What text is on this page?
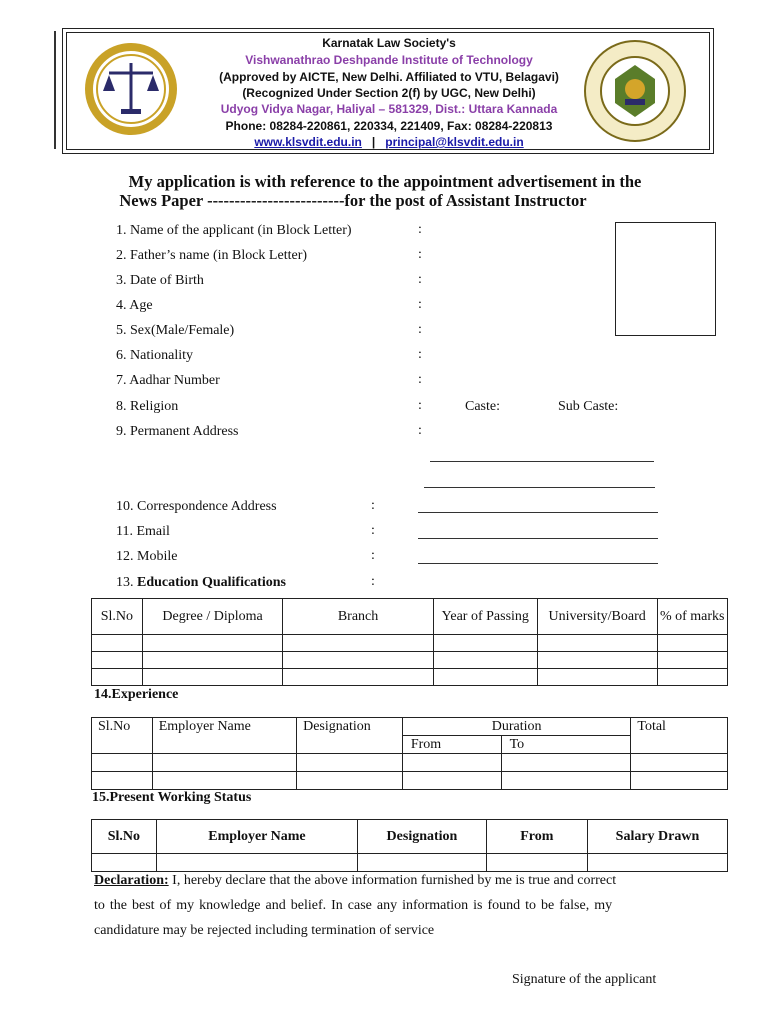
Karnatak Law Society's
Vishwanathrao Deshpande Institute of Technology
(Approved by AICTE, New Delhi. Affiliated to VTU, Belagavi)
(Recognized Under Section 2(f) by UGC, New Delhi)
Udyog Vidya Nagar, Haliyal – 581329, Dist.: Uttara Kannada
Phone: 08284-220861, 220334, 221409, Fax: 08284-220813
www.klsvdit.edu.in | principal@klsvdit.edu.in
My application is with reference to the appointment advertisement in the
News Paper -------------------------for the post of Assistant Instructor
1. Name of the applicant (in Block Letter)	:
2. Father’s name (in Block Letter)	:
3. Date of Birth	:
4. Age	:
5. Sex(Male/Female)	:
6. Nationality	:
7. Aadhar Number	:
8. Religion	:	Caste:	Sub Caste:
9. Permanent Address	:
10. Correspondence Address	:
11. Email	:
12. Mobile	:
13. Education Qualifications	:
Sl.No	Degree / Diploma	Branch	Year of Passing	University/Board	% of marks

14.Experience
Sl.No	Employer Name	Designation	Duration		Total
			From	To	

15.Present Working Status
Sl.No	Employer Name	Designation	From	Salary Drawn

Declaration: I, hereby declare that the above information furnished by me is true and correct
to the best of my knowledge and belief. In case any information is found to be false, my
candidature may be rejected including termination of service
Signature of the applicant
